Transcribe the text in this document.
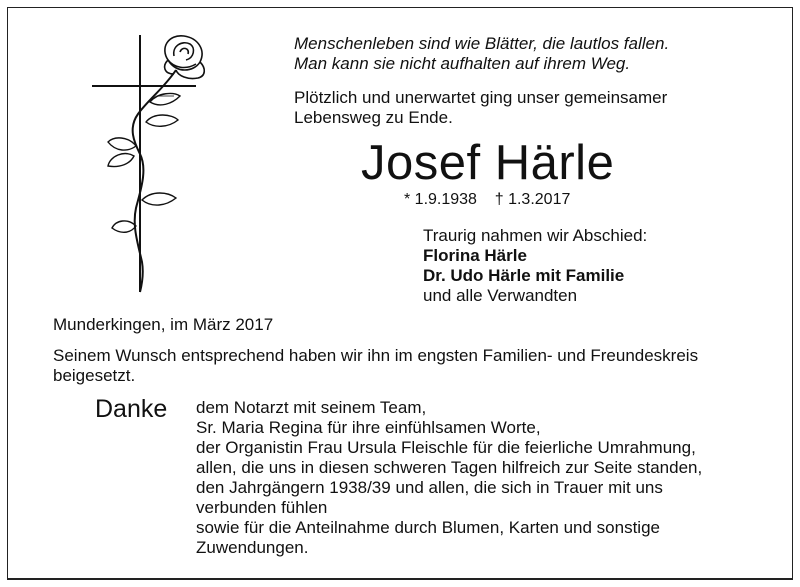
Menschenleben sind wie Blätter, die lautlos fallen.
Man kann sie nicht aufhalten auf ihrem Weg.
Plötzlich und unerwartet ging unser gemeinsamer
Lebensweg zu Ende.
Josef Härle
* 1.9.1938    † 1.3.2017
Traurig nahmen wir Abschied:
Florina Härle
Dr. Udo Härle mit Familie
und alle Verwandten
Munderkingen, im März 2017
Seinem Wunsch entsprechend haben wir ihn im engsten Familien- und Freundeskreis
beigesetzt.
Danke dem Notarzt mit seinem Team,
Sr. Maria Regina für ihre einfühlsamen Worte,
der Organistin Frau Ursula Fleischle für die feierliche Umrahmung,
allen, die uns in diesen schweren Tagen hilfreich zur Seite standen,
den Jahrgängern 1938/39 und allen, die sich in Trauer mit uns
verbunden fühlen
sowie für die Anteilnahme durch Blumen, Karten und sonstige
Zuwendungen.
